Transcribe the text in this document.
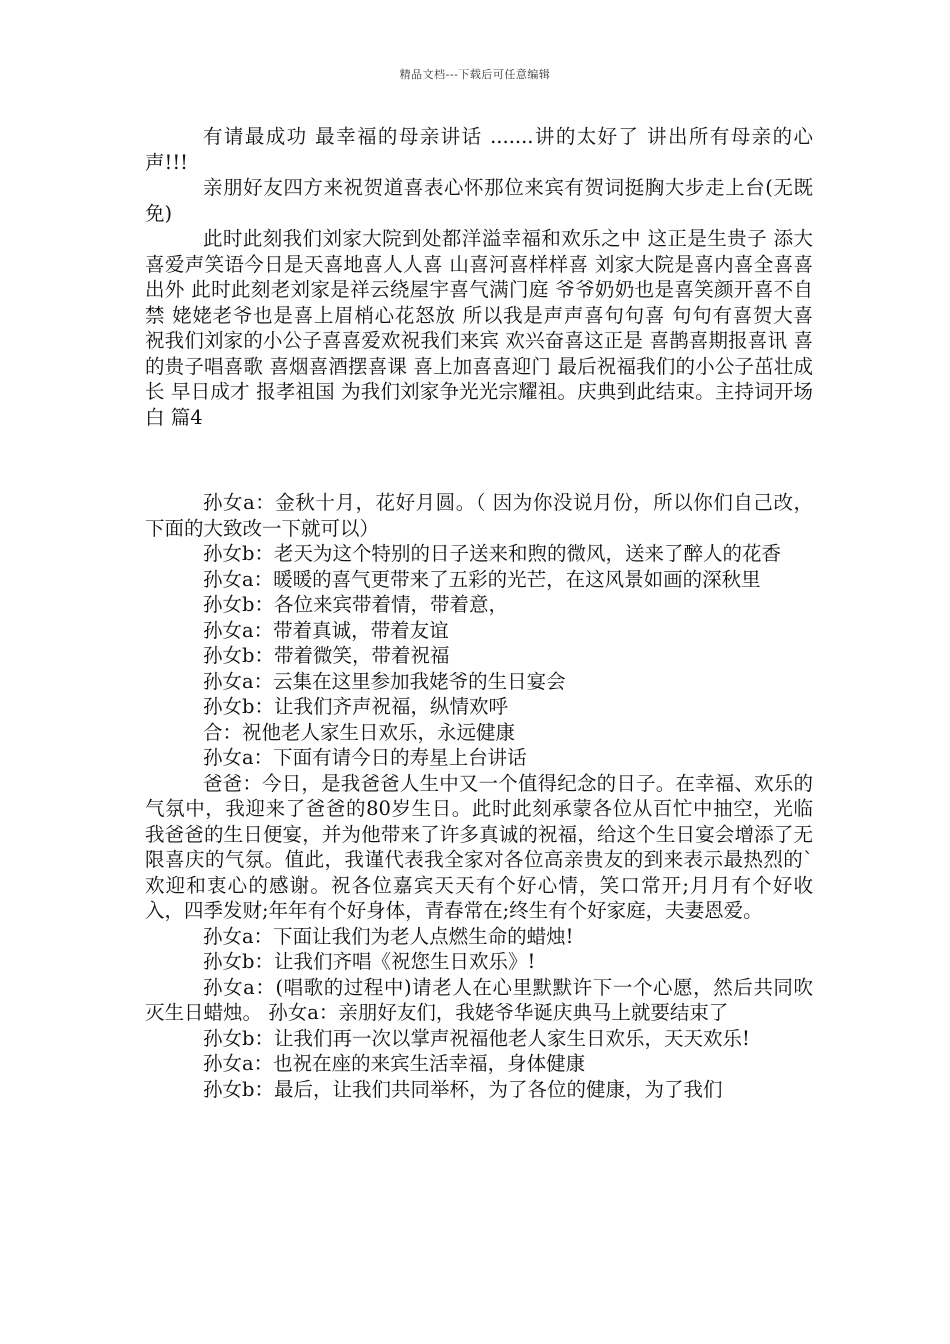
精品文档---下载后可任意编辑

有请最成功 最幸福的母亲讲话 .......讲的太好了 讲出所有母亲的心声!!!

亲朋好友四方来祝贺道喜表心怀那位来宾有贺词挺胸大步走上台(无既免)

此时此刻我们刘家大院到处都洋溢幸福和欢乐之中 这正是生贵子 添大喜爱声笑语今日是天喜地喜人人喜 山喜河喜样样喜 刘家大院是喜内喜全喜喜出外 此时此刻老刘家是祥云绕屋宇喜气满门庭 爷爷奶奶也是喜笑颜开喜不自禁 姥姥老爷也是喜上眉梢心花怒放 所以我是声声喜句句喜 句句有喜贺大喜 祝我们刘家的小公子喜喜爱欢祝我们来宾 欢兴奋喜这正是 喜鹊喜期报喜讯 喜的贵子唱喜歌 喜烟喜酒摆喜课 喜上加喜喜迎门 最后祝福我们的小公子茁壮成长 早日成才 报孝祖国 为我们刘家争光光宗耀祖。庆典到此结束。主持词开场白 篇4

孙女a：金秋十月，花好月圆。（ 因为你没说月份，所以你们自己改，下面的大致改一下就可以）

孙女b：老天为这个特别的日子送来和煦的微风，送来了醉人的花香

孙女a：暖暖的喜气更带来了五彩的光芒，在这风景如画的深秋里

孙女b：各位来宾带着情，带着意，

孙女a：带着真诚，带着友谊

孙女b：带着微笑，带着祝福

孙女a：云集在这里参加我姥爷的生日宴会

孙女b：让我们齐声祝福，纵情欢呼

合：祝他老人家生日欢乐，永远健康

孙女a：下面有请今日的寿星上台讲话

爸爸：今日，是我爸爸人生中又一个值得纪念的日子。在幸福、欢乐的气氛中，我迎来了爸爸的80岁生日。此时此刻承蒙各位从百忙中抽空，光临我爸爸的生日便宴，并为他带来了许多真诚的祝福，给这个生日宴会增添了无限喜庆的气氛。值此，我谨代表我全家对各位高亲贵友的到来表示最热烈的`欢迎和衷心的感谢。祝各位嘉宾天天有个好心情，笑口常开;月月有个好收入，四季发财;年年有个好身体，青春常在;终生有个好家庭，夫妻恩爱。

孙女a：下面让我们为老人点燃生命的蜡烛!

孙女b：让我们齐唱《祝您生日欢乐》!

孙女a：(唱歌的过程中)请老人在心里默默许下一个心愿，然后共同吹灭生日蜡烛。 孙女a：亲朋好友们，我姥爷华诞庆典马上就要结束了

孙女b：让我们再一次以掌声祝福他老人家生日欢乐，天天欢乐!

孙女a：也祝在座的来宾生活幸福，身体健康

孙女b：最后，让我们共同举杯，为了各位的健康，为了我们
